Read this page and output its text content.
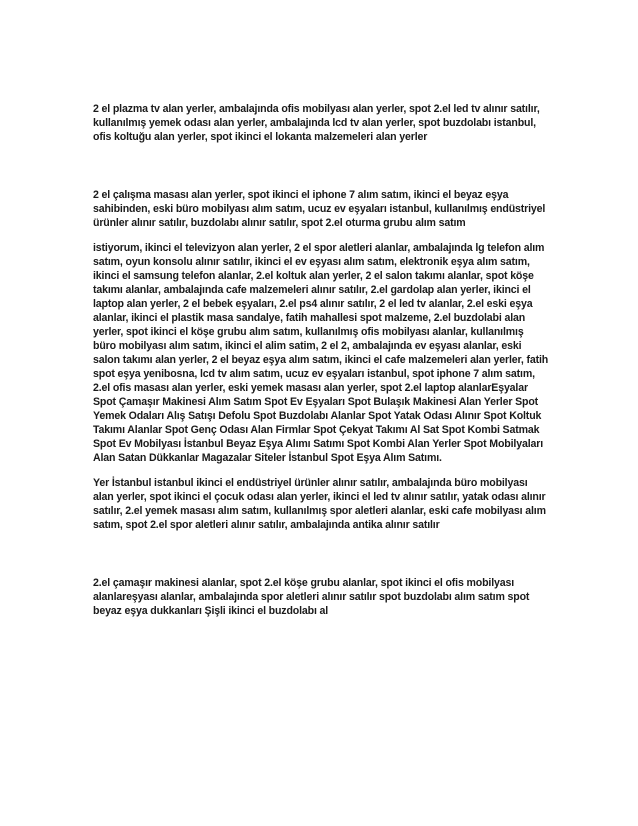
2 el plazma tv alan yerler, ambalajında ofis mobilyası alan yerler, spot 2.el led tv alınır satılır, kullanılmış yemek odası alan yerler, ambalajında lcd tv alan yerler, spot buzdolabı istanbul, ofis koltuğu alan yerler, spot ikinci el lokanta malzemeleri alan yerler

2 el çalışma masası alan yerler, spot ikinci el iphone 7 alım satım, ikinci el beyaz eşya sahibinden, eski büro mobilyası alım satım, ucuz ev eşyaları istanbul, kullanılmış endüstriyel ürünler alınır satılır, buzdolabı alınır satılır, spot 2.el oturma grubu alım satım

istiyorum, ikinci el televizyon alan yerler, 2 el spor aletleri alanlar, ambalajında lg telefon alım satım, oyun konsolu alınır satılır, ikinci el ev eşyası alım satım, elektronik eşya alım satım, ikinci el samsung telefon alanlar, 2.el koltuk alan yerler, 2 el salon takımı alanlar, spot köşe takımı alanlar, ambalajında cafe malzemeleri alınır satılır, 2.el gardolap alan yerler, ikinci el laptop alan yerler, 2 el bebek eşyaları, 2.el ps4 alınır satılır, 2 el led tv alanlar, 2.el eski eşya alanlar, ikinci el plastik masa sandalye, fatih mahallesi spot malzeme, 2.el buzdolabi alan yerler, spot ikinci el köşe grubu alım satım, kullanılmış ofis mobilyası alanlar, kullanılmış büro mobilyası alım satım, ikinci el alim satim, 2 el 2, ambalajında ev eşyası alanlar, eski salon takımı alan yerler, 2 el beyaz eşya alım satım, ikinci el cafe malzemeleri alan yerler, fatih spot eşya yenibosna, lcd tv alım satım, ucuz ev eşyaları istanbul, spot iphone 7 alım satım, 2.el ofis masası alan yerler, eski yemek masası alan yerler, spot 2.el laptop alanlarEşyalar Spot Çamaşır Makinesi Alım Satım Spot Ev Eşyaları Spot Bulaşık Makinesi Alan Yerler Spot Yemek Odaları Alış Satışı Defolu Spot Buzdolabı Alanlar Spot Yatak Odası Alınır Spot Koltuk Takımı Alanlar Spot Genç Odası Alan Firmlar Spot Çekyat Takımı Al Sat Spot Kombi Satmak Spot Ev Mobilyası İstanbul Beyaz Eşya Alımı Satımı Spot Kombi Alan Yerler Spot Mobilyaları Alan Satan Dükkanlar Magazalar Siteler İstanbul Spot Eşya Alım Satımı.

Yer İstanbul istanbul ikinci el endüstriyel ürünler alınır satılır, ambalajında büro mobilyası alan yerler, spot ikinci el çocuk odası alan yerler, ikinci el led tv alınır satılır, yatak odası alınır satılır, 2.el yemek masası alım satım, kullanılmış spor aletleri alanlar, eski cafe mobilyası alım satım, spot 2.el spor aletleri alınır satılır, ambalajında antika alınır satılır

2.el çamaşır makinesi alanlar, spot 2.el köşe grubu alanlar, spot ikinci el ofis mobilyası alanlareşyası alanlar, ambalajında spor aletleri alınır satılır spot buzdolabı alım satım spot beyaz eşya dukkanları Şişli ikinci el buzdolabı al
